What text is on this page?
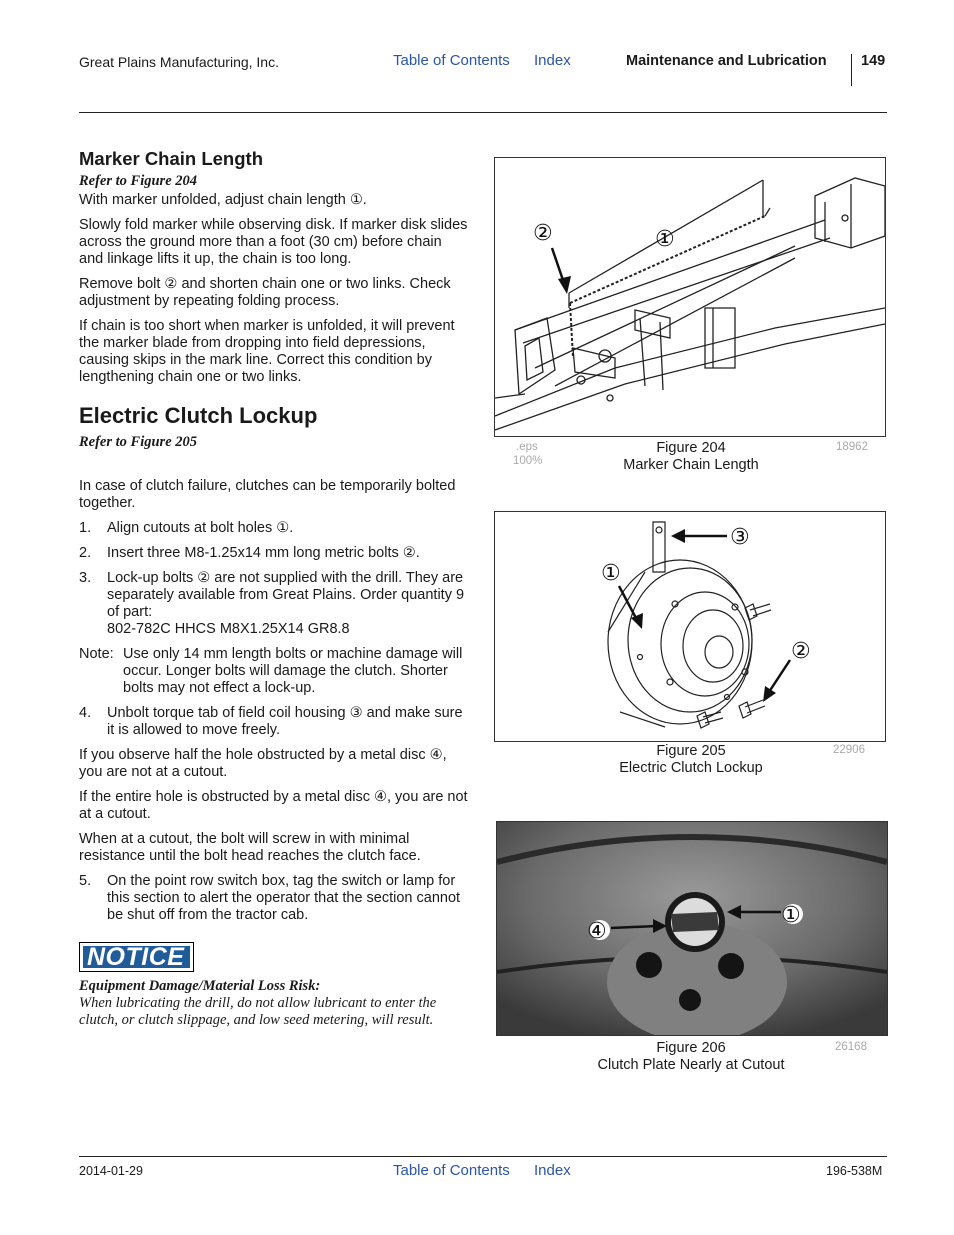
Great Plains Manufacturing, Inc.	Table of Contents Index	Maintenance and Lubrication 149
Marker Chain Length
Refer to Figure 204

With marker unfolded, adjust chain length ①.

Slowly fold marker while observing disk. If marker disk slides across the ground more than a foot (30 cm) before chain and linkage lifts it up, the chain is too long.

Remove bolt ② and shorten chain one or two links. Check adjustment by repeating folding process.

If chain is too short when marker is unfolded, it will prevent the marker blade from dropping into field depressions, causing skips in the mark line. Correct this condition by lengthening chain one or two links.

Electric Clutch Lockup
Refer to Figure 205

In case of clutch failure, clutches can be temporarily bolted together.

1. Align cutouts at bolt holes ①.
2. Insert three M8-1.25x14 mm long metric bolts ②.
3. Lock-up bolts ② are not supplied with the drill. They are separately available from Great Plains. Order quantity 9 of part:
802-782C HHCS M8X1.25X14 GR8.8
Note: Use only 14 mm length bolts or machine damage will occur. Longer bolts will damage the clutch. Shorter bolts may not effect a lock-up.
4. Unbolt torque tab of field coil housing ③ and make sure it is allowed to move freely.

If you observe half the hole obstructed by a metal disc ④, you are not at a cutout.

If the entire hole is obstructed by a metal disc ④, you are not at a cutout.

When at a cutout, the bolt will screw in with minimal resistance until the bolt head reaches the clutch face.

5. On the point row switch box, tag the switch or lamp for this section to alert the operator that the section cannot be shut off from the tractor cab.
NOTICE
Equipment Damage/Material Loss Risk:
When lubricating the drill, do not allow lubricant to enter the clutch, or clutch slippage, and low seed metering, will result.
②	①
.eps
100%
Figure 204
Marker Chain Length
18962
③
①
②
Figure 205
Electric Clutch Lockup
22906
④
①
Figure 206
Clutch Plate Nearly at Cutout
26168
2014-01-29	Table of Contents Index	196-538M
